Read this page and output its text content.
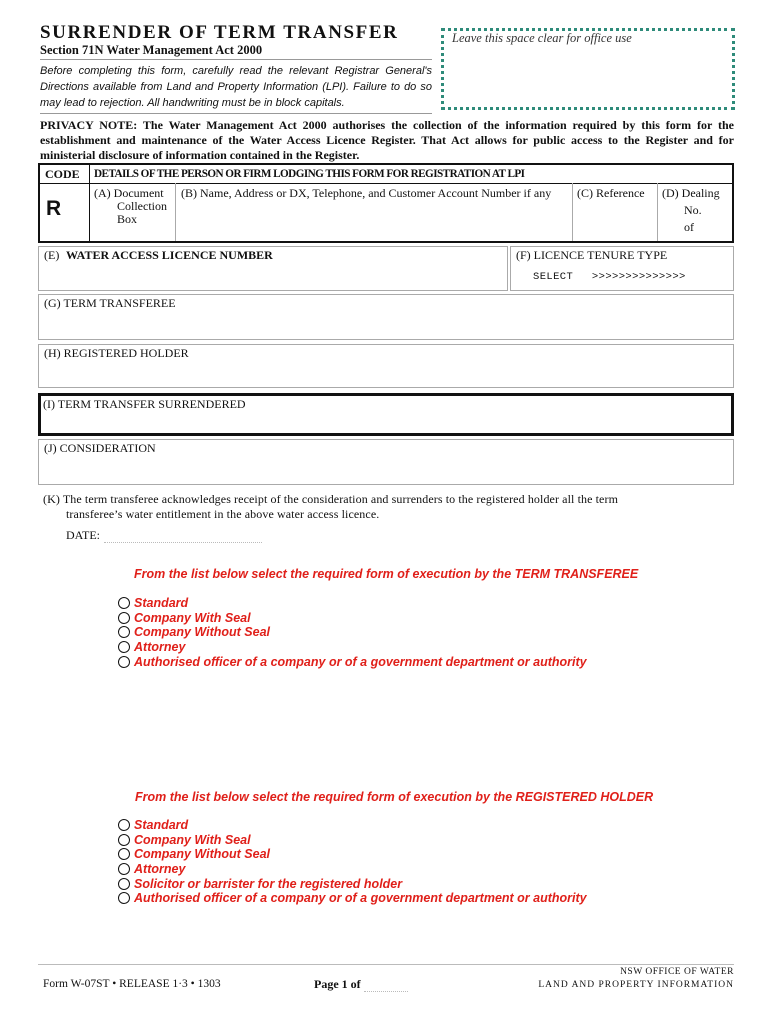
SURRENDER OF TERM TRANSFER
Section 71N Water Management Act 2000
Before completing this form, carefully read the relevant Registrar General's Directions available from Land and Property Information (LPI). Failure to do so may lead to rejection. All handwriting must be in block capitals.
Leave this space clear for office use
PRIVACY NOTE: The Water Management Act 2000 authorises the collection of the information required by this form for the establishment and maintenance of the Water Access Licence Register. That Act allows for public access to the Register and for ministerial disclosure of information contained in the Register.
CODE
R
DETAILS OF THE PERSON OR FIRM LODGING THIS FORM FOR REGISTRATION AT LPI
(A) Document
Collection
Box
(B) Name, Address or DX, Telephone, and Customer Account Number if any (C) Reference (D) Dealing
No.
of
(E) WATER ACCESS LICENCE NUMBER	(F) LICENCE TENURE TYPE
SELECT >>>>>>>>>>>>>>
(G) TERM TRANSFEREE
(H) REGISTERED HOLDER
(I) TERM TRANSFER SURRENDERED
(J) CONSIDERATION
(K) The term transferee acknowledges receipt of the consideration and surrenders to the registered holder all the term
transferee’s water entitlement in the above water access licence.
DATE:
From the list below select the required form of execution by the TERM TRANSFEREE
Standard
Company With Seal
Company Without Seal
Attorney
Authorised officer of a company or of a government department or authority
From the list below select the required form of execution by the REGISTERED HOLDER
Standard
Company With Seal
Company Without Seal
Attorney
Solicitor or barrister for the registered holder
Authorised officer of a company or of a government department or authority
Form W-07ST • RELEASE 1·3 • 1303	Page 1 of
NSW OFFICE OF WATER
LAND AND PROPERTY INFORMATION
